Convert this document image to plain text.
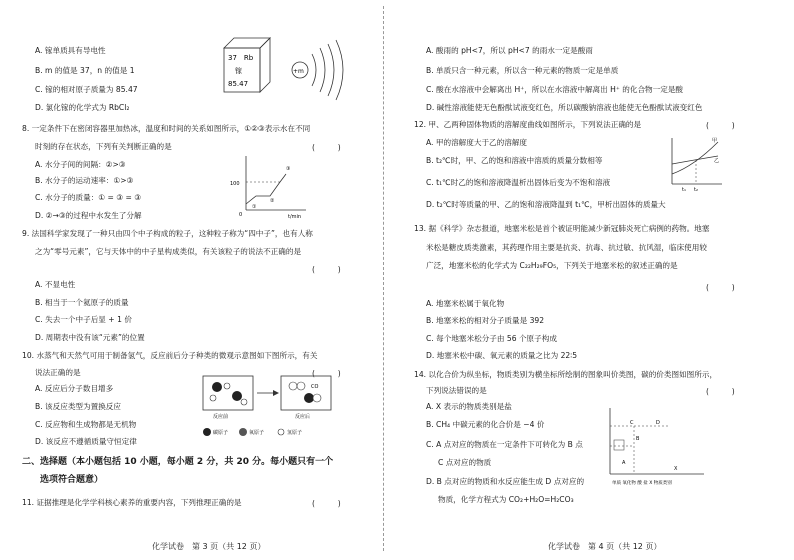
A. 镓单质具有导电性
B. m 的值是 37，n 的值是 1
C. 镓的相对原子质量为 85.47
D. 氯化镓的化学式为 RbCl₂
8. 一定条件下在密闭容器里加热冰，温度和时间的关系如图所示，①②③表示水在不同
时刻的存在状态，下列有关判断正确的是
A. 水分子间的间隔：②>③
B. 水分子的运动速率：①>③
C. 水分子的质量：① = ③ = ③
D. ②→③的过程中水发生了分解
9. 法国科学家发现了一种只由四个中子构成的粒子，这种粒子称为“四中子”，也有人称
之为“零号元素”，它与天体中的中子星构成类似，有关该粒子的说法不正确的是
A. 不显电性
B. 相当于一个氦原子的质量
C. 失去一个中子后显 + 1 价
D. 周期表中没有该“元素”的位置
10. 水蒸气和天然气可用于制备氢气，反应前后分子种类的微观示意图如下图所示，有关
说法正确的是
A. 反应后分子数目增多
B. 该反应类型为置换反应
C. 反应物和生成物都是无机物
D. 该反应不遵循质量守恒定律
11. 证据推理是化学学科核心素养的重要内容，下列推理正确的是
(　　　)
(　　　)
(　　　)
(　　　)
37　Rb
镓
85.47
+m
100
0	t/min
①
②
③
CO
反应前	反应后
碳原子	氧原子	氢原子
二、选择题（本小题包括 10 小题，每小题 2 分，共 20 分。每小题只有一个
选项符合题意）
化学试卷　第 3 页（共 12 页）
A. 酸雨的 pH<7，所以 pH<7 的雨水一定是酸雨
B. 单质只含一种元素，所以含一种元素的物质一定是单质
C. 酸在水溶液中会解离出 H⁺，所以在水溶液中解离出 H⁺ 的化合物一定是酸
D. 碱性溶液能使无色酚酞试液变红色，所以碳酸钠溶液也能使无色酚酞试液变红色
12. 甲、乙两种固体物质的溶解度曲线如图所示，下列说法正确的是
A. 甲的溶解度大于乙的溶解度
B. t₂℃时，甲、乙的饱和溶液中溶质的质量分数相等
C. t₁℃时乙的饱和溶液降温析出固体后变为不饱和溶液
D. t₂℃时等质量的甲、乙的饱和溶液降温到 t₁℃，甲析出固体的质量大
13. 据《科学》杂志报道，地塞米松是首个被证明能减少新冠肺炎死亡病例的药物。地塞
米松是糖皮质类激素，其药理作用主要是抗炎、抗毒、抗过敏、抗风湿，临床使用较
广泛，地塞米松的化学式为 C₂₂H₂₉FO₅，下列关于地塞米松的叙述正确的是
A. 地塞米松属于氧化物
B. 地塞米松的相对分子质量是 392
C. 每个地塞米松分子由 56 个原子构成
D. 地塞米松中碳、氧元素的质量之比为 22∶5
14. 以化合价为纵坐标，物质类别为横坐标所绘制的图象叫价类图，碳的价类图如图所示，
下列说法错误的是
A. X 表示的物质类别是盐
B. CH₄ 中碳元素的化合价是 −4 价
C. A 点对应的物质在一定条件下可转化为 B 点
C 点对应的物质
D. B 点对应的物质和水反应能生成 D 点对应的
物质，化学方程式为 CO₂+H₂O=H₂CO₃
(　　　)
(　　　)
(　　　)
甲
乙
t₁ t₂
A
B
C	D
X
单质 氧化物 酸 盐 X 物质类别
化学试卷　第 4 页（共 12 页）
